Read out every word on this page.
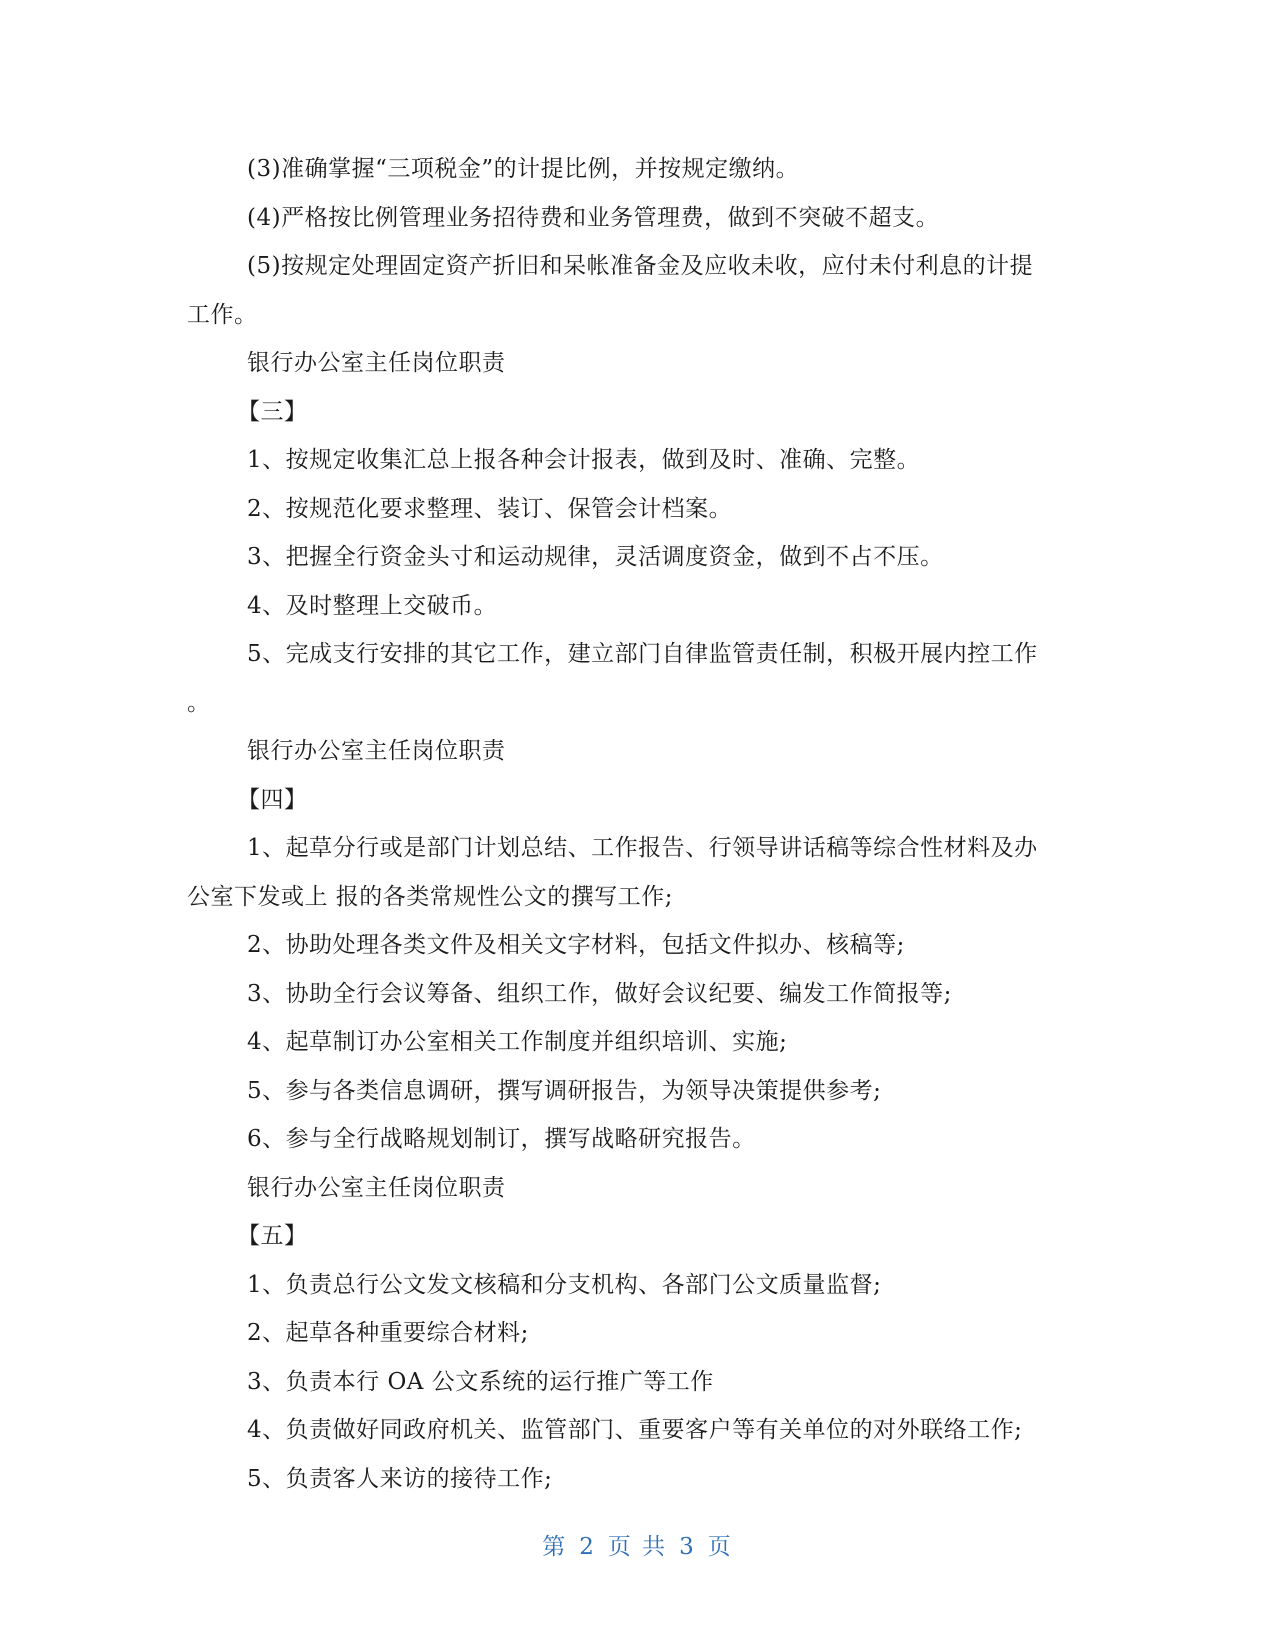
(3)准确掌握“三项税金”的计提比例，并按规定缴纳。
(4)严格按比例管理业务招待费和业务管理费，做到不突破不超支。
(5)按规定处理固定资产折旧和呆帐准备金及应收未收，应付未付利息的计提
工作。
银行办公室主任岗位职责
【三】
1、按规定收集汇总上报各种会计报表，做到及时、准确、完整。
2、按规范化要求整理、装订、保管会计档案。
3、把握全行资金头寸和运动规律，灵活调度资金，做到不占不压。
4、及时整理上交破币。
5、完成支行安排的其它工作，建立部门自律监管责任制，积极开展内控工作
。
银行办公室主任岗位职责
【四】
1、起草分行或是部门计划总结、工作报告、行领导讲话稿等综合性材料及办
公室下发或上 报的各类常规性公文的撰写工作;
2、协助处理各类文件及相关文字材料，包括文件拟办、核稿等;
3、协助全行会议筹备、组织工作，做好会议纪要、编发工作简报等;
4、起草制订办公室相关工作制度并组织培训、实施;
5、参与各类信息调研，撰写调研报告，为领导决策提供参考;
6、参与全行战略规划制订，撰写战略研究报告。
银行办公室主任岗位职责
【五】
1、负责总行公文发文核稿和分支机构、各部门公文质量监督;
2、起草各种重要综合材料;
3、负责本行 OA 公文系统的运行推广等工作
4、负责做好同政府机关、监管部门、重要客户等有关单位的对外联络工作;
5、负责客人来访的接待工作;
第 2 页 共 3 页
